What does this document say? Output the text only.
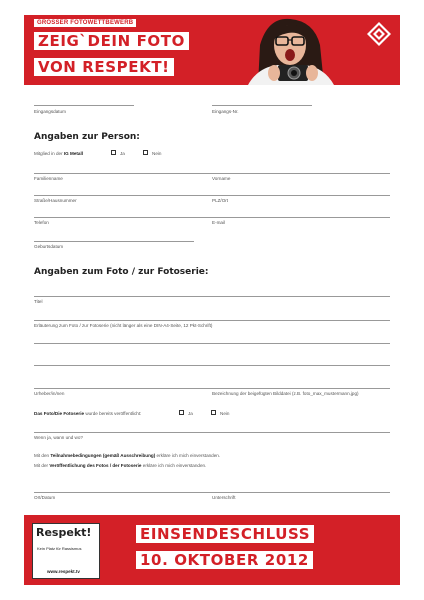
GROSSER FOTOWETTBEWERB
ZEIG`DEIN FOTO
VON RESPEKT!
Eingangsdatum	Eingangs-Nr.
Angaben zur Person:
Mitglied in der IG Metall	Ja	Nein
Familienname	Vorname
Straße/Hausnummer	PLZ/Ort
Telefon	E-mail
Geburtsdatum
Angaben zum Foto / zur Fotoserie:
Titel
Erläuterung zum Foto / zur Fotoserie (nicht länger als eine DIN-A4-Seite, 12 Pkt-Schrift)
Urheber/in/nen	Bezeichnung der beigefügten Bilddatei (z.B. foto_max_mustermann.jpg)
Das Foto/Die Fotoserie wurde bereits veröffentlicht:	Ja	Nein
Wenn ja, wann und wo?
Mit den Teilnahmebedingungen (gemäß Ausschreibung) erkläre ich mich einverstanden.
Mit der Veröffentlichung des Fotos / der Fotoserie erkläre ich mich einverstanden.
Ort/Datum	Unterschrift
Respekt!
Kein Platz für Rassismus
www.respekt.tv
EINSENDESCHLUSS
10. OKTOBER 2012
